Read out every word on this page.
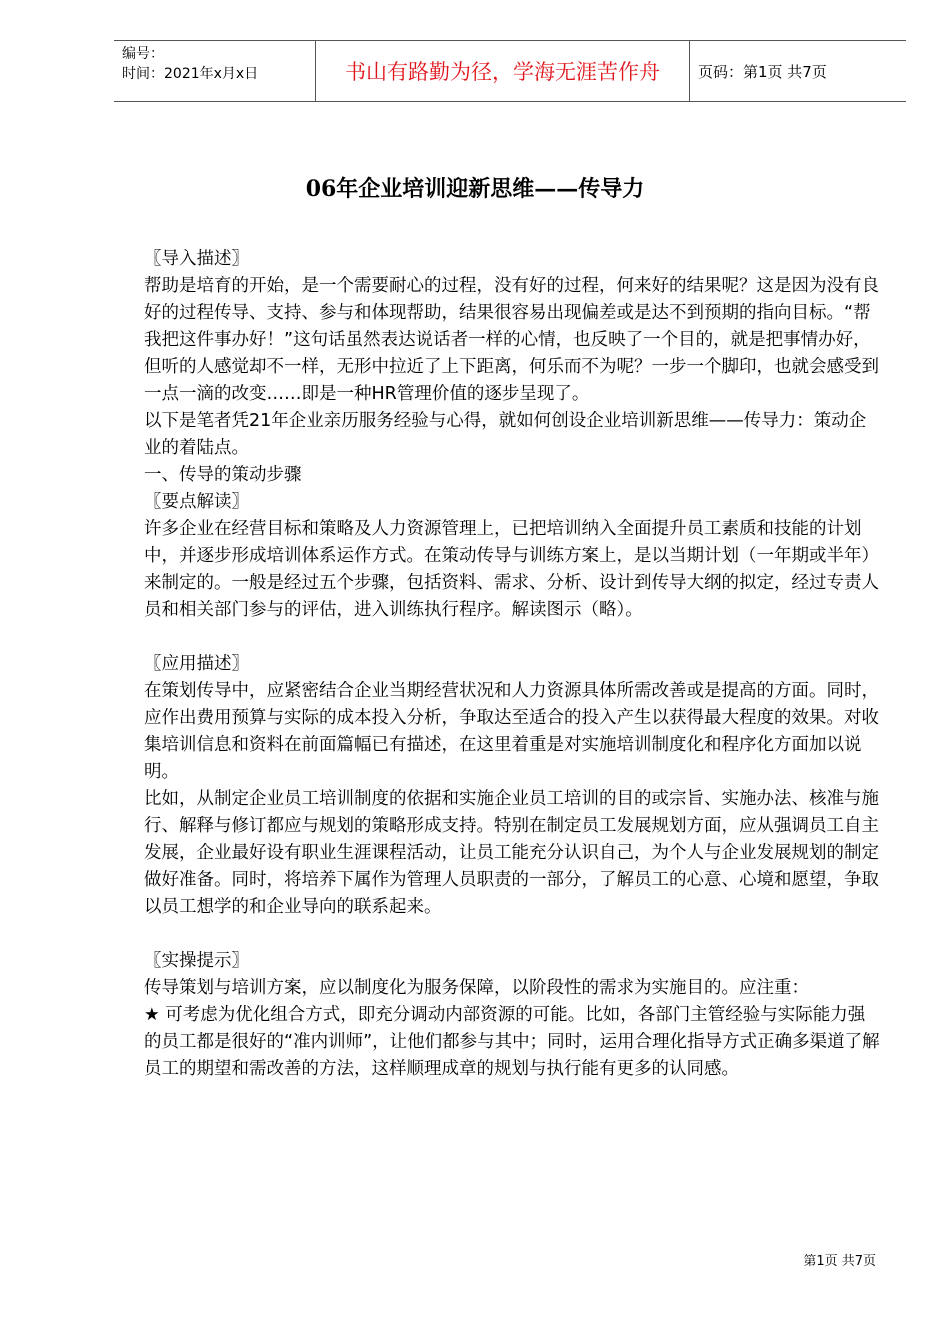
编号：
时间：2021年x月x日	书山有路勤为径，学海无涯苦作舟	页码：第1页 共7页
06年企业培训迎新思维——传导力

〖导入描述〗

帮助是培育的开始，是一个需要耐心的过程，没有好的过程，何来好的结果呢？这是因为没有良好的过程传导、支持、参与和体现帮助，结果很容易出现偏差或是达不到预期的指向目标。“帮我把这件事办好！”这句话虽然表达说话者一样的心情，也反映了一个目的，就是把事情办好，但听的人感觉却不一样，无形中拉近了上下距离，何乐而不为呢？一步一个脚印，也就会感受到一点一滴的改变……即是一种HR管理价值的逐步呈现了。

以下是笔者凭21年企业亲历服务经验与心得，就如何创设企业培训新思维——传导力：策动企业的着陆点。

一、传导的策动步骤

〖要点解读〗

许多企业在经营目标和策略及人力资源管理上，已把培训纳入全面提升员工素质和技能的计划中，并逐步形成培训体系运作方式。在策动传导与训练方案上，是以当期计划（一年期或半年）来制定的。一般是经过五个步骤，包括资料、需求、分析、设计到传导大纲的拟定，经过专责人员和相关部门参与的评估，进入训练执行程序。解读图示（略）。

〖应用描述〗

在策划传导中，应紧密结合企业当期经营状况和人力资源具体所需改善或是提高的方面。同时，应作出费用预算与实际的成本投入分析，争取达至适合的投入产生以获得最大程度的效果。对收集培训信息和资料在前面篇幅已有描述，在这里着重是对实施培训制度化和程序化方面加以说明。

比如，从制定企业员工培训制度的依据和实施企业员工培训的目的或宗旨、实施办法、核准与施行、解释与修订都应与规划的策略形成支持。特别在制定员工发展规划方面，应从强调员工自主发展，企业最好设有职业生涯课程活动，让员工能充分认识自己，为个人与企业发展规划的制定做好准备。同时，将培养下属作为管理人员职责的一部分，了解员工的心意、心境和愿望，争取以员工想学的和企业导向的联系起来。

〖实操提示〗

传导策划与培训方案，应以制度化为服务保障，以阶段性的需求为实施目的。应注重：

★ 可考虑为优化组合方式，即充分调动内部资源的可能。比如，各部门主管经验与实际能力强的员工都是很好的“准内训师”，让他们都参与其中；同时，运用合理化指导方式正确多渠道了解员工的期望和需改善的方法，这样顺理成章的规划与执行能有更多的认同感。

第1页 共7页
